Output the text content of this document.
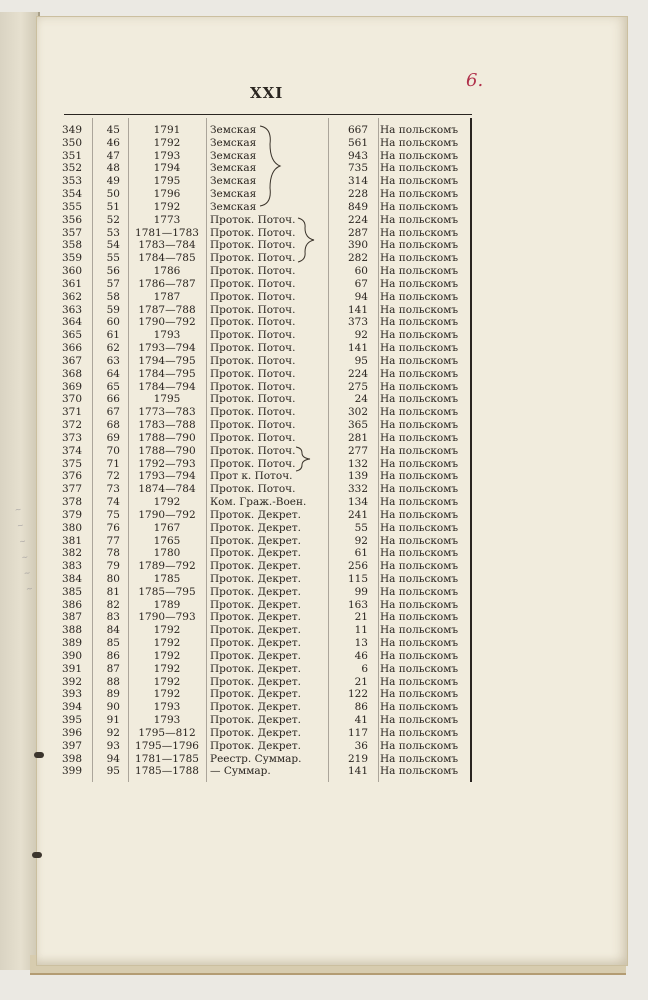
XXI
6.
~
~
~
~
~
~
349	45	1791	Земская	667 На польскомъ
350	46	1792	Земская	561 На польскомъ
351	47	1793	Земская	943 На польскомъ
352	48	1794	Земская	735 На польскомъ
353	49	1795	Земская	314 На польскомъ
354	50	1796	Земская	228 На польскомъ
355	51	1792	Земская	849 На польскомъ
356	52	1773	Проток. Поточ.	224 На польскомъ
357	53 1781—1783 Проток. Поточ.	287 На польскомъ
358	54	1783—784	Проток. Поточ.	390 На польскомъ
359	55	1784—785	Проток. Поточ.	282 На польскомъ
360	56	1786	Проток. Поточ.	60 На польскомъ
361	57	1786—787	Проток. Поточ.	67 На польскомъ
362	58	1787	Проток. Поточ.	94 На польскомъ
363	59	1787—788	Проток. Поточ.	141 На польскомъ
364	60	1790—792	Проток. Поточ.	373 На польскомъ
365	61	1793	Проток. Поточ.	92 На польскомъ
366	62	1793—794	Проток. Поточ.	141 На польскомъ
367	63	1794—795	Проток. Поточ.	95 На польскомъ
368	64	1784—795	Проток. Поточ.	224 На польскомъ
369	65	1784—794	Проток. Поточ.	275 На польскомъ
370	66	1795	Проток. Поточ.	24 На польскомъ
371	67	1773—783	Проток. Поточ.	302 На польскомъ
372	68	1783—788	Проток. Поточ.	365 На польскомъ
373	69	1788—790	Проток. Поточ.	281 На польскомъ
374	70	1788—790	Проток. Поточ.	277 На польскомъ
375	71	1792—793	Проток. Поточ.	132 На польскомъ
376	72	1793—794	Прот к. Поточ.	139 На польскомъ
377	73	1874—784	Проток. Поточ.	332 На польскомъ
378	74	1792	Ком. Граж.-Воен.	134 На польскомъ
379	75	1790—792	Проток. Декрет.	241 На польскомъ
380	76	1767	Проток. Декрет.	55 На польскомъ
381	77	1765	Проток. Декрет.	92 На польскомъ
382	78	1780	Проток. Декрет.	61 На польскомъ
383	79	1789—792	Проток. Декрет.	256 На польскомъ
384	80	1785	Проток. Декрет.	115 На польскомъ
385	81	1785—795	Проток. Декрет.	99 На польскомъ
386	82	1789	Проток. Декрет.	163 На польскомъ
387	83	1790—793	Проток. Декрет.	21 На польскомъ
388	84	1792	Проток. Декрет.	11 На польскомъ
389	85	1792	Проток. Декрет.	13 На польскомъ
390	86	1792	Проток. Декрет.	46 На польскомъ
391	87	1792	Проток. Декрет.	6 На польскомъ
392	88	1792	Проток. Декрет.	21 На польскомъ
393	89	1792	Проток. Декрет.	122 На польскомъ
394	90	1793	Проток. Декрет.	86 На польскомъ
395	91	1793	Проток. Декрет.	41 На польскомъ
396	92	1795—812	Проток. Декрет.	117 На польскомъ
397	93 1795—1796 Проток. Декрет.	36 На польскомъ
398	94 1781—1785 Реестр. Суммар.	219 На польскомъ
399	95 1785—1788 — Суммар.	141 На польскомъ
